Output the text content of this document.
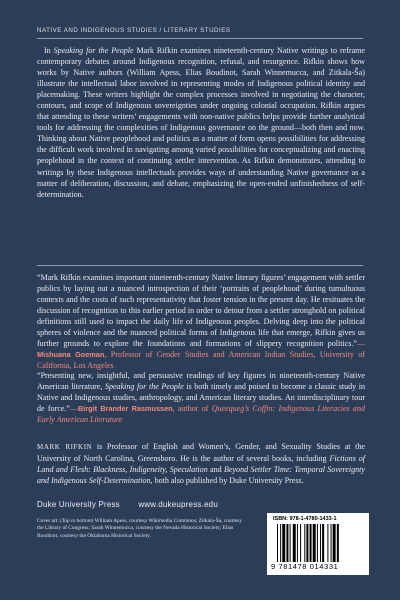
NATIVE AND INDIGENOUS STUDIES / LITERARY STUDIES

In Speaking for the People Mark Rifkin examines nineteenth-century Native writings to reframe contemporary debates around Indigenous recognition, refusal, and resurgence. Rifkin shows how works by Native authors (William Apess, Elias Boudinot, Sarah Winnemucca, and Zitkala-Ša) illustrate the intellectual labor involved in representing modes of Indigenous political identity and placemaking. These writers highlight the complex processes involved in negotiating the character, contours, and scope of Indigenous sovereignties under ongoing colonial occupation. Rifkin argues that attending to these writers’ engagements with non-native publics helps provide further analytical tools for addressing the complexities of Indigenous governance on the ground—both then and now. Thinking about Native peoplehood and politics as a matter of form opens possibilities for addressing the difficult work involved in navigating among varied possibilities for conceptualizing and enacting peoplehood in the context of continuing settler intervention. As Rifkin demonstrates, attending to writings by these Indigenous intellectuals provides ways of understanding Native governance as a matter of deliberation, discussion, and debate, emphasizing the open-ended unfinishedness of self-determination.

“Mark Rifkin examines important nineteenth-century Native literary figures’ engagement with settler publics by laying out a nuanced introspection of their ‘portraits of peoplehood’ during tumultuous contexts and the costs of such representativity that foster tension in the present day. He resituates the discussion of recognition to this earlier period in order to detour from a settler stronghold on political definitions still used to impact the daily life of Indigenous peoples. Delving deep into the political spheres of violence and the nuanced political forms of Indigenous life that emerge, Rifkin gives us further grounds to explore the foundations and formations of slippery recognition politics.”—Mishuana Goeman, Professor of Gender Studies and American Indian Studies, University of California, Los Angeles

“Presenting new, insightful, and persuasive readings of key figures in nineteenth-century Native American literature, Speaking for the People is both timely and poised to become a classic study in Native and Indigenous studies, anthropology, and American literary studies. An interdisciplinary tour de force.”—Birgit Brander Rasmussen, author of Queequeg’s Coffin: Indigenous Literacies and Early American Literature

MARK RIFKIN is Professor of English and Women’s, Gender, and Sexuality Studies at the University of North Carolina, Greensboro. He is the author of several books, including Fictions of Land and Flesh: Blackness, Indigeneity, Speculation and Beyond Settler Time: Temporal Sovereignty and Indigenous Self-Determination, both also published by Duke University Press.

Duke University Press www.dukeupress.edu
Cover art: (Top to bottom) William Apess, courtesy Wikimedia Commons; Zitkala-Ša, courtesy the Library of Congress; Sarah Winnemucca, courtesy the Nevada Historical Society; Elias Boudinot, courtesy the Oklahoma Historical Society.
ISBN: 978-1-4780-1433-1
9 781478 014331
